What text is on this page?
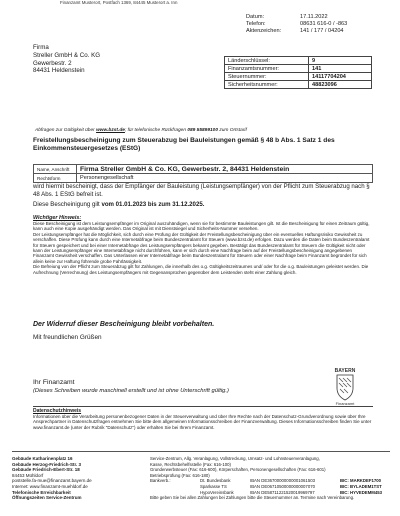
Finanzamt Musterort, Postfach 1369, 84445 Musterort a. Inn
Datum:	17.11.2022
Telefon:	08631 616-0 / -863
Aktenzeichen:	141 / 177 / 04204
Firma
Streller GmbH & Co. KG
Gewerbestr. 2
84431 Heldenstein
Länderschlüssel:	9
Finanzamtsnummer:	141
Steuernummer:	14117704204
Sicherheitsnummer:	48823096
Abfragen zur Gültigkeit über www.bzst.de; für telefonische Rückfragen 089 55899100 zum Ortstarif
Freistellungsbescheinigung zum Steuerabzug bei Bauleistungen gemäß § 48 b Abs. 1 Satz 1 des Einkommensteuergesetzes (EStG)
Name, Anschrift	Firma Streller GmbH & Co. KG, Gewerbestr. 2, 84431 Heldenstein
Rechtsform	Personengesellschaft
wird hiermit bescheinigt, dass der Empfänger der Bauleistung (Leistungsempfänger) von der Pflicht zum Steuerabzug nach § 48 Abs. 1 EStG befreit ist.
Diese Bescheinigung gilt vom 01.01.2023 bis zum 31.12.2025.
Wichtiger Hinweis:

Diese Bescheinigung ist dem Leistungsempfänger im Original auszuhändigen, wenn sie für bestimmte Bauleistungen gilt. Ist die Bescheinigung für einen Zeitraum gültig, kann auch eine Kopie ausgehändigt werden. Das Original ist mit Dienstsiegel und Sicherheits-Nummer versehen.

Der Leistungsempfänger hat die Möglichkeit, sich durch eine Prüfung der Gültigkeit der Freistellungsbescheinigung über ein eventuelles Haftungsrisiko Gewissheit zu verschaffen. Diese Prüfung kann durch eine Internetabfrage beim Bundeszentralamt für Steuern (www.bzst.de) erfolgen. Dazu werden die Daten beim Bundeszentralamt für Steuern gespeichert und bei einer Internetabfrage des Leistungsempfängers bekannt gegeben. Bestätigt das Bundeszentralamt für Steuern die Gültigkeit nicht oder kann der Leistungsempfänger eine Internetabfrage nicht durchführen, kann er sich durch eine Nachfrage beim auf der Freistellungsbescheinigung angegebenen Finanzamt Gewissheit verschaffen. Das Unterlassen einer Internetabfrage beim Bundeszentralamt für Steuern oder einer Nachfrage beim Finanzamt begründet für sich allein keine zur Haftung führende grobe Fahrlässigkeit.

Die Befreiung von der Pflicht zum Steuerabzug gilt für Zahlungen, die innerhalb des o.g. Gültigkeitszeitraumes und/ oder für die o.g. Bauleistungen geleistet werden. Die Aufrechnung (Verrechnung) des Leistungsempfängers mit Gegenansprüchen gegenüber dem Leistenden steht einer Zahlung gleich.

Der Widerruf dieser Bescheinigung bleibt vorbehalten.
Mit freundlichen Grüßen
BAYERN
Finanzamt
Ihr Finanzamt
(Dieses Schreiben wurde maschinell erstellt und ist ohne Unterschrift gültig.)
Datenschutzhinweis

Informationen über die Verarbeitung personenbezogener Daten in der Steuerverwaltung und über Ihre Rechte nach der Datenschutz-Grundverordnung sowie über Ihre Ansprechpartner in Datenschutzfragen entnehmen Sie bitte dem allgemeinen Informationsschreiben der Finanzverwaltung. Dieses Informationsschreiben finden Sie unter www.finanzamt.de (unter der Rubrik "Datenschutz") oder erhalten Sie bei Ihrem Finanzamt.

Gebäude Katharinenplatz 16
Gebäude Herzog-Friedrich-Str. 3
Gebäude Friedrich-Ebert-Str. 18
84453 Mühldorf
poststelle.fa-mue@finanzamt.bayern.de
Internet: www.finanzamt-muehldorf.de
Telefonische Erreichbarkeit
Öffnungszeiten Service-Zentrum
Service-Zentrum, Allg. Veranlagung, Vollstreckung, Umsatz- und Lohnsteuerveranlagung,
Kasse, Rechtsbehelfsstelle (Fax: 616-100)
Grunderwerbsteuer (Fax: 616-600), Körperschaften, Personengesellschaften (Fax: 616-601)
Betriebsprüfung (Fax: 616-180)
Bankverb.:	Dt. Bundesbank	IBAN DE36700000000001061503	BIC: MARKDEF1700
Sparkasse TS	IBAN DE06710500000000007070	BIC: BYLADEM1TST
HypoVereinsbank	IBAN DE58711221520019969797	BIC: HYVEDEMM453
Bitte geben Sie bei allen Zahlungen bei Zahlungen bitte die Steuernummer an. Termine nach Vereinbarung.
